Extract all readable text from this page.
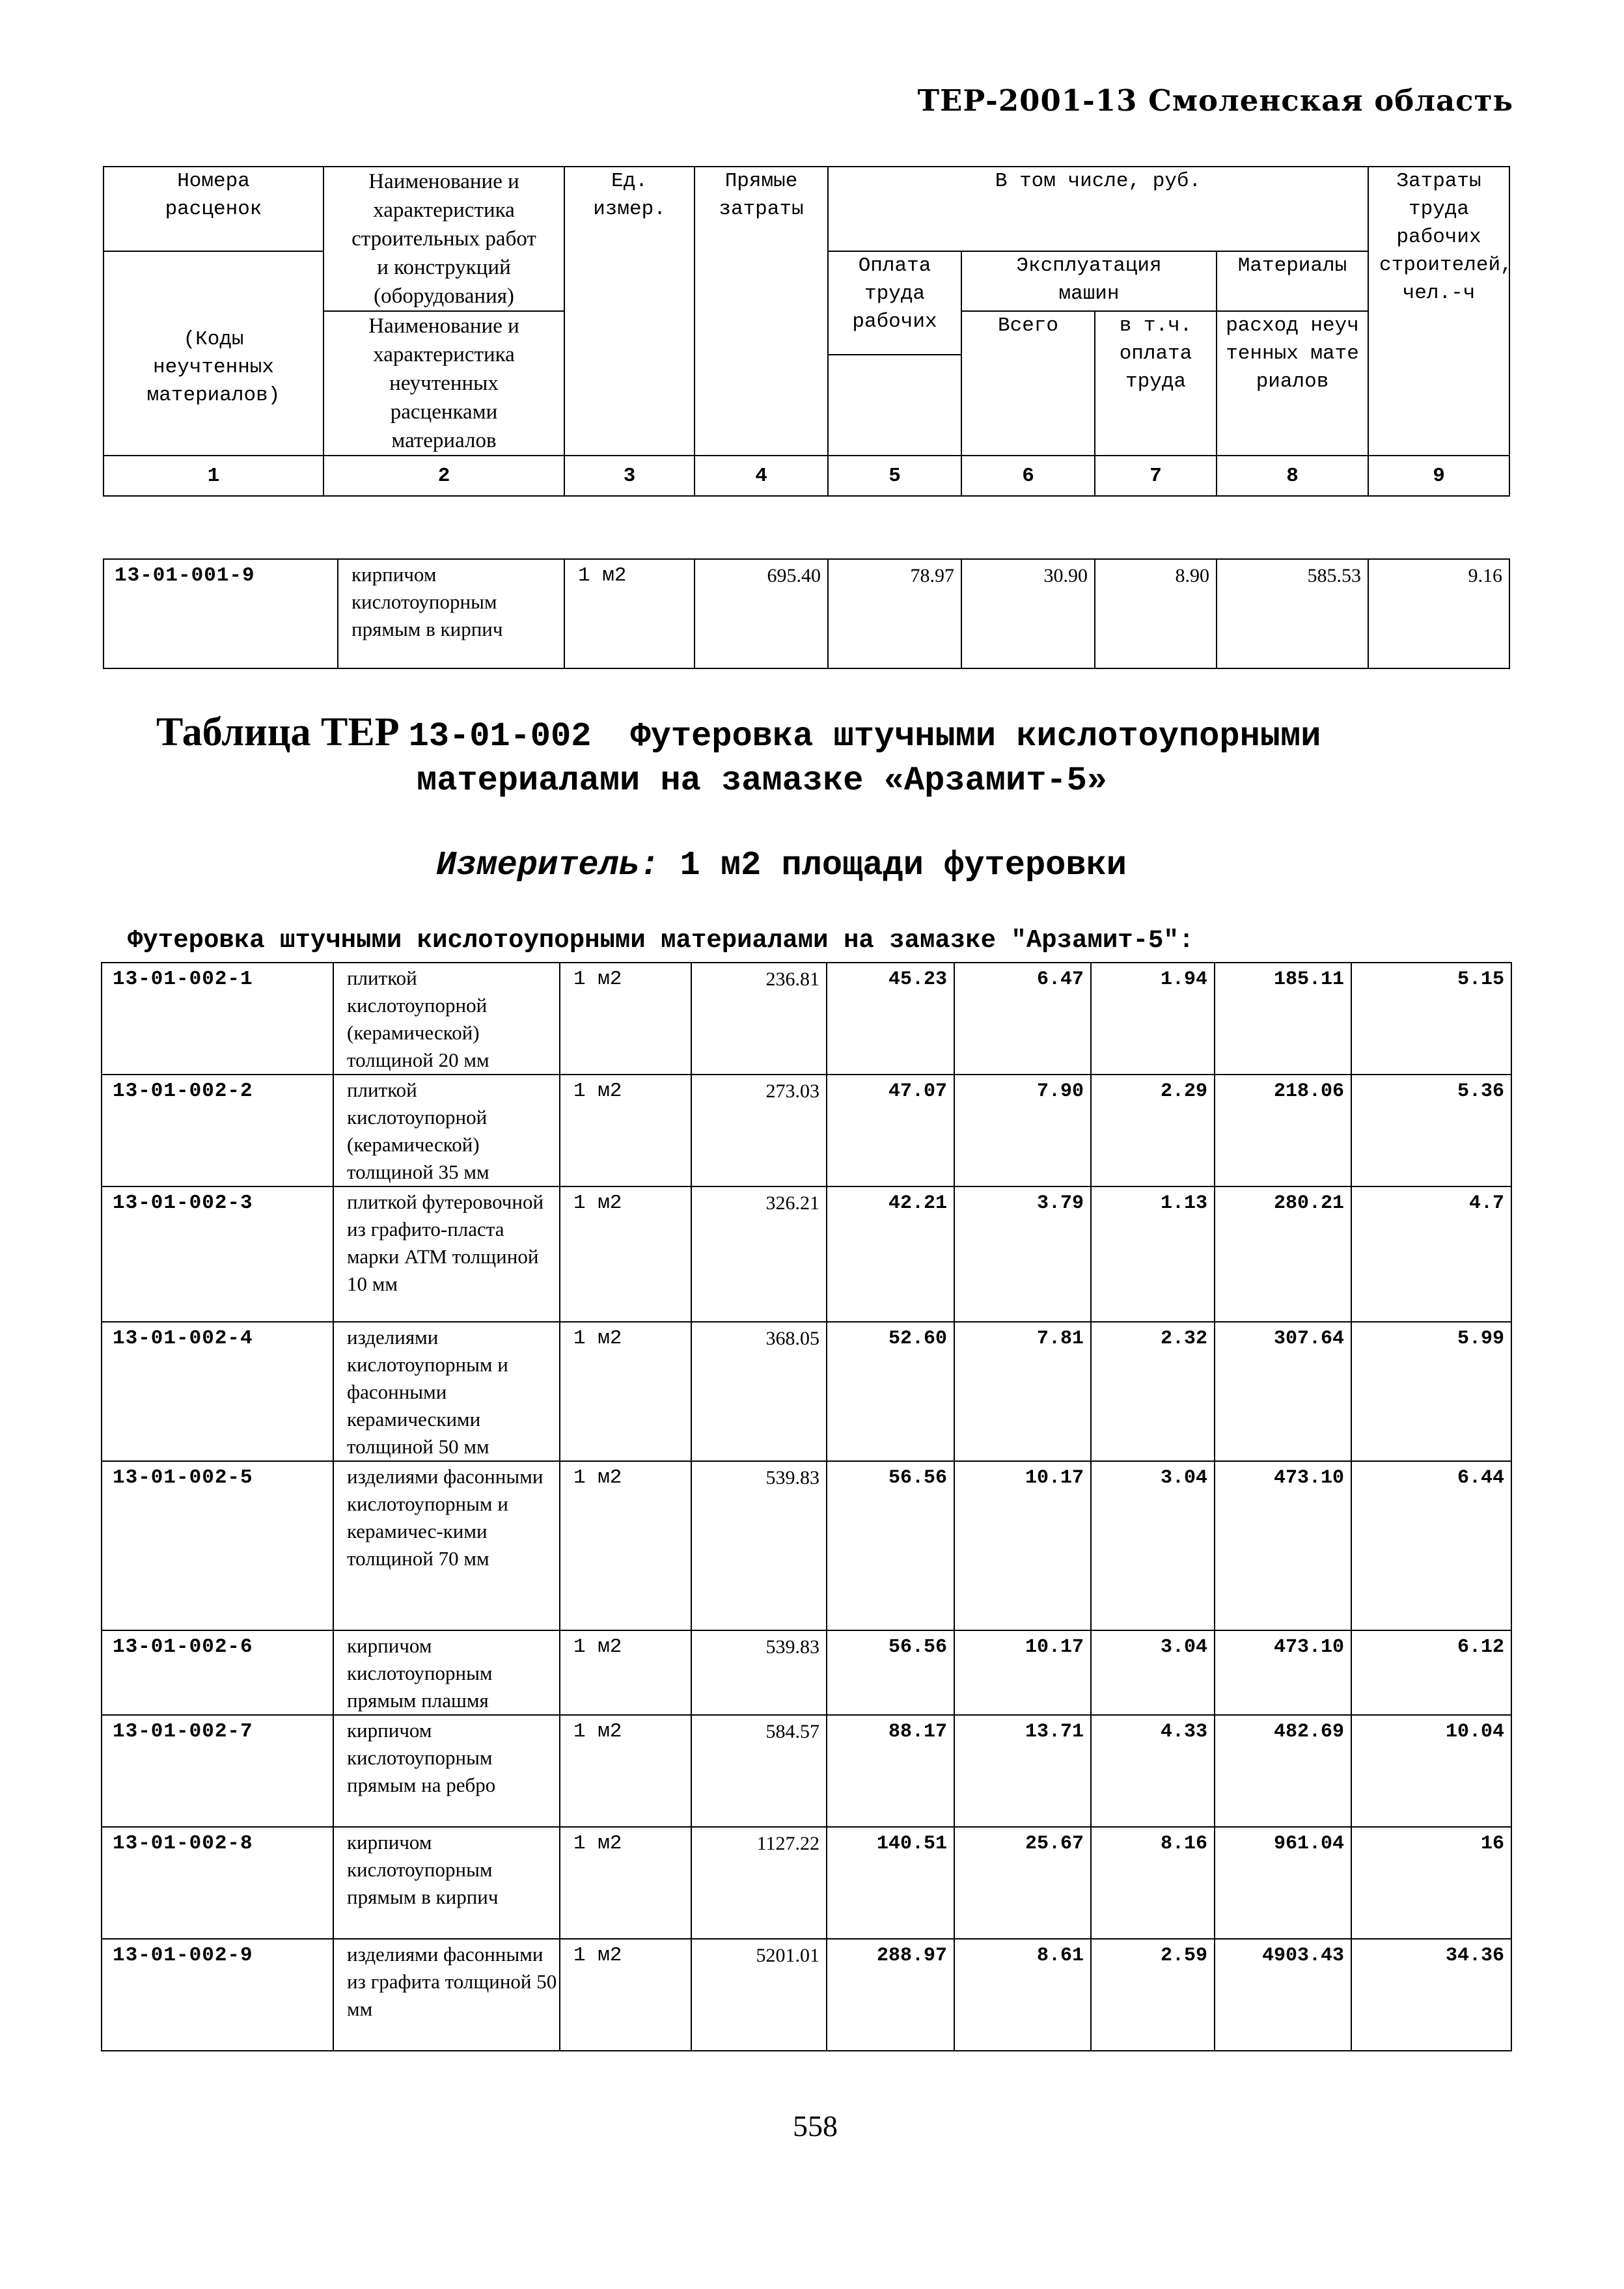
ТЕР-2001-13 Смоленская область
Номера расценок	Наименование и характеристика строительных работ и конструкций (оборудования)	Ед. измер.	Прямые затраты	В том числе, руб.				Затраты труда рабочих строителей, чел.-ч
(Коды неучтенных материалов)				Оплата труда рабочих	Эксплуатация машин		Материалы	
	Наименование и характеристика неучтенных расценками материалов				Всего	в т.ч. оплата труда	расход неучтенных материалов	

1	2	3	4	5	6	7	8	9
13-01-001-9	кирпичом кислотоупорным прямым в кирпич	1 м2	695.40	78.97	30.90	8.90	585.53	9.16
Таблица ТЕР 13-01-002 Футеровка штучными кислотоупорными
материалами на замазке «Арзамит-5»
Измеритель: 1 м2 площади футеровки
Футеровка штучными кислотоупорными материалами на замазке "Арзамит-5":
13-01-002-1	плиткой кислотоупорной (керамической) толщиной 20 мм	1 м2	236.81	45.23	6.47	1.94	185.11	5.15
13-01-002-2	плиткой кислотоупорной (керамической) толщиной 35 мм	1 м2	273.03	47.07	7.90	2.29	218.06	5.36
13-01-002-3	плиткой футеровочной из графито-пласта марки АТМ толщиной 10 мм	1 м2	326.21	42.21	3.79	1.13	280.21	4.7
13-01-002-4	изделиями кислотоупорным и фасонными керамическими толщиной 50 мм	1 м2	368.05	52.60	7.81	2.32	307.64	5.99
13-01-002-5	изделиями фасонными кислотоупорным и керамичес-кими толщиной 70 мм	1 м2	539.83	56.56	10.17	3.04	473.10	6.44
13-01-002-6	кирпичом кислотоупорным прямым плашмя	1 м2	539.83	56.56	10.17	3.04	473.10	6.12
13-01-002-7	кирпичом кислотоупорным прямым на ребро	1 м2	584.57	88.17	13.71	4.33	482.69	10.04
13-01-002-8	кирпичом кислотоупорным прямым в кирпич	1 м2	1127.22	140.51	25.67	8.16	961.04	16
13-01-002-9	изделиями фасонными из графита толщиной 50 мм	1 м2	5201.01	288.97	8.61	2.59	4903.43	34.36
558
